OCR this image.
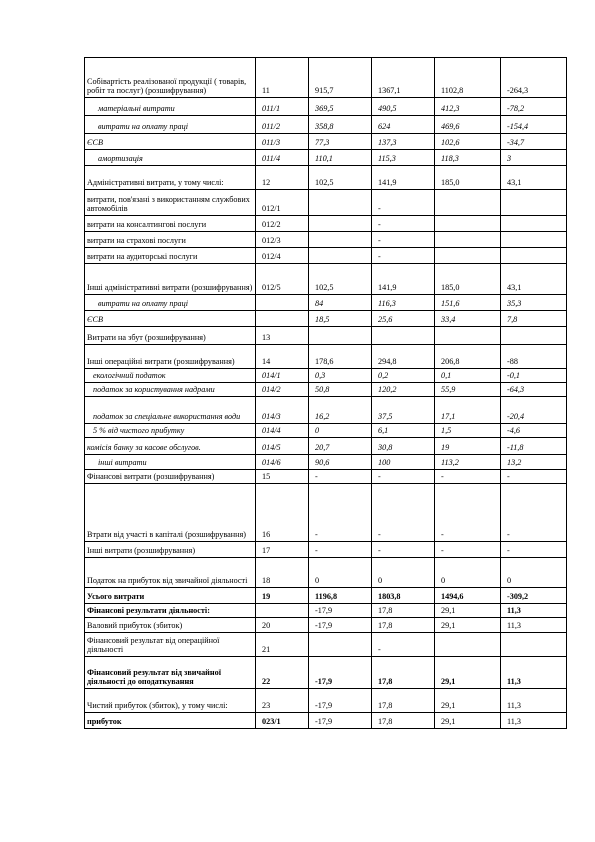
Собівартість реалізованої продукції ( товарів, робіт та послуг) (розшифрування)	11	915,7	1367,1	1102,8	-264,3
матеріальні витрати	011/1	369,5	490,5	412,3	-78,2
витрати на оплату праці	011/2	358,8	624	469,6	-154,4
ЄСВ	011/3	77,3	137,3	102,6	-34,7
амортизація	011/4	110,1	115,3	118,3	3
Адміністративні витрати, у тому числі:	12	102,5	141,9	185,0	43,1
витрати, пов'язані з використанням службових автомобілів	012/1		-		
витрати на консалтингові послуги	012/2		-		
витрати на страхові послуги	012/3		-		
витрати на аудиторські послуги	012/4		-		
Інші адміністративні витрати (розшифрування)	012/5	102,5	141,9	185,0	43,1
витрати на оплату праці		84	116,3	151,6	35,3
ЄСВ		18,5	25,6	33,4	7,8
Витрати на збут (розшифрування)	13				
Інші операційні витрати (розшифрування)	14	178,6	294,8	206,8	-88
екологічний податок	014/1	0,3	0,2	0,1	-0,1
податок за користування надрами	014/2	50,8	120,2	55,9	-64,3
податок за спеціальне використання води	014/3	16,2	37,5	17,1	-20,4
5 % від чистого прибутку	014/4	0	6,1	1,5	-4,6
комісія банку за касове обслугов.	014/5	20,7	30,8	19	-11,8
інші витрати	014/6	90,6	100	113,2	13,2
Фінансові витрати (розшифрування)	15	-	-	-	-
Втрати від участі в капіталі (розшифрування)	16	-	-	-	-
Інші витрати (розшифрування)	17	-	-	-	-
Податок на прибуток від звичайної діяльності	18	0	0	0	0
Усього витрати	19	1196,8	1803,8	1494,6	-309,2
Фінансові результати діяльності:		-17,9	17,8	29,1	11,3
Валовий прибуток (збиток)	20	-17,9	17,8	29,1	11,3
Фінансовий результат від операційної діяльності	21		-		
Фінансовий результат від звичайної діяльності до оподаткування	22	-17,9	17,8	29,1	11,3
Чистий прибуток (збиток), у тому числі:	23	-17,9	17,8	29,1	11,3
прибуток	023/1	-17,9	17,8	29,1	11,3
